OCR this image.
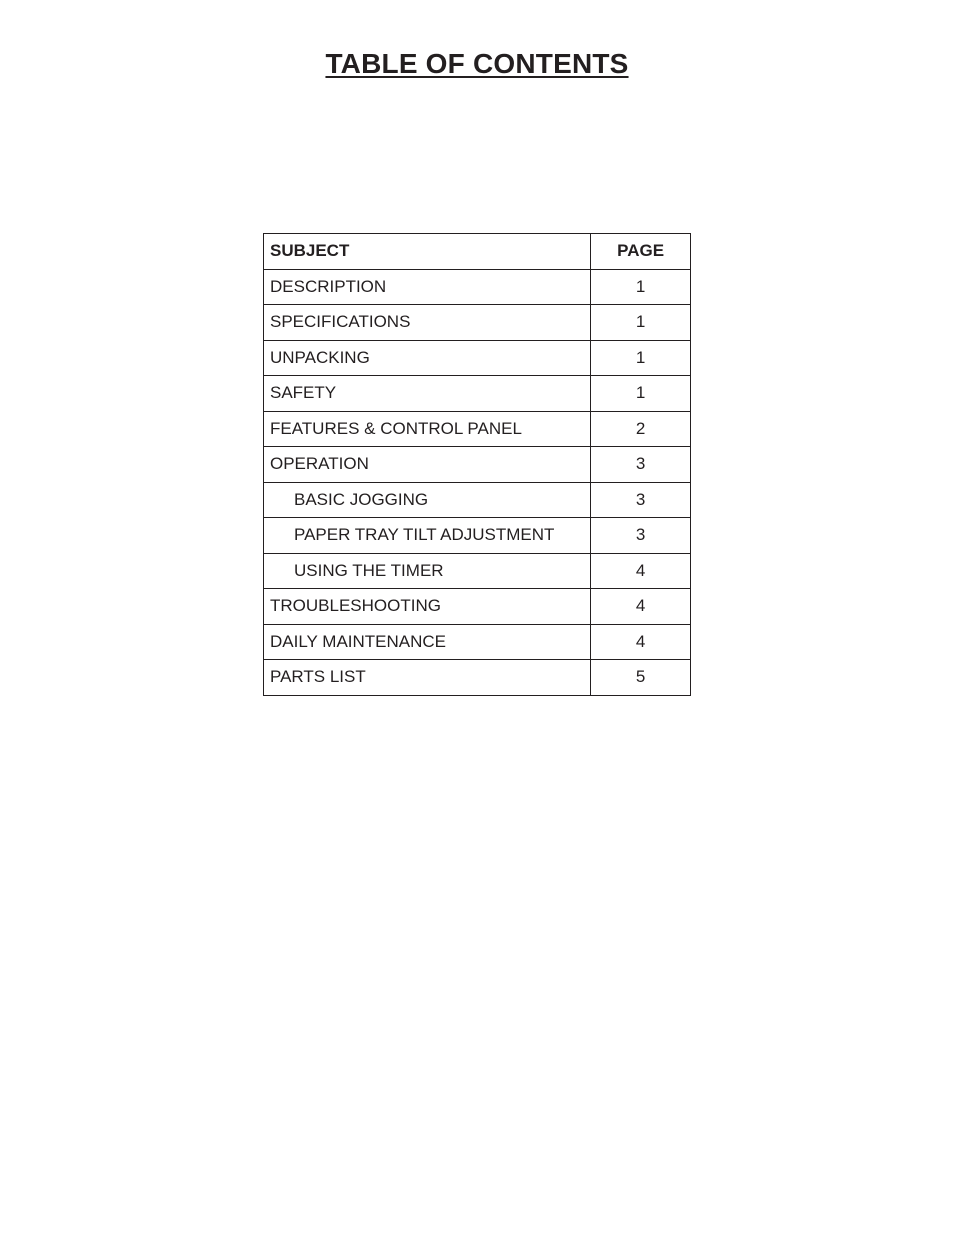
TABLE OF CONTENTS
SUBJECT	PAGE
DESCRIPTION	1
SPECIFICATIONS	1
UNPACKING	1
SAFETY	1
FEATURES & CONTROL PANEL	2
OPERATION	3
BASIC JOGGING	3
PAPER TRAY TILT ADJUSTMENT	3
USING THE TIMER	4
TROUBLESHOOTING	4
DAILY MAINTENANCE	4
PARTS LIST	5
